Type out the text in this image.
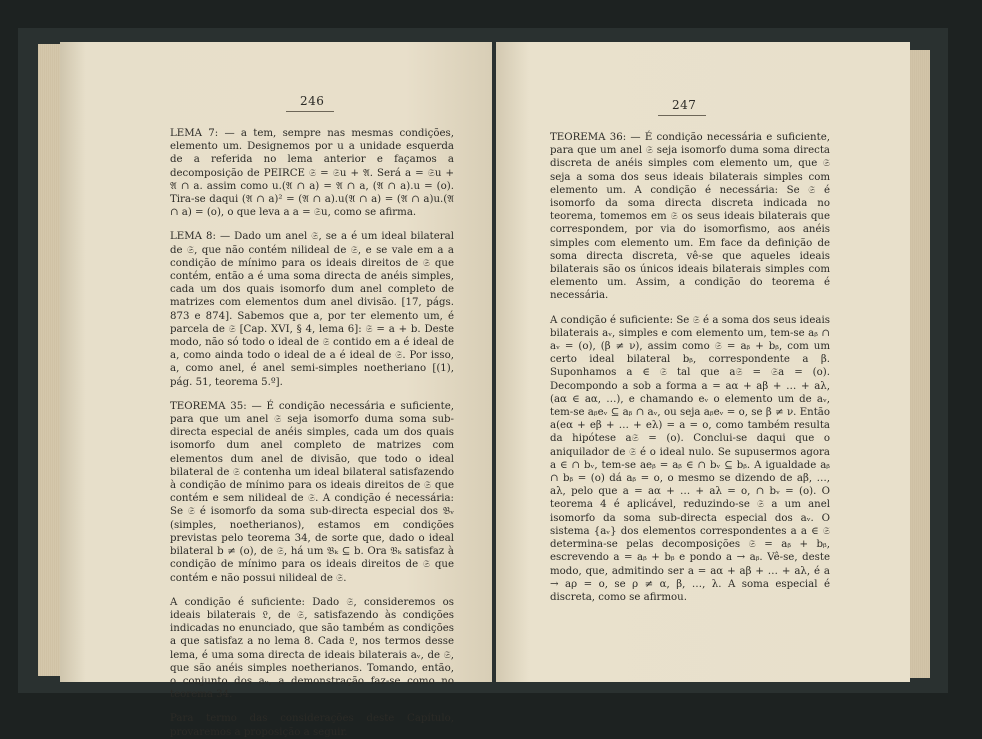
246

LEMA 7: — a tem, sempre nas mesmas condições, elemento um. Designemos por u a unidade esquerda de a referida no lema anterior e façamos a decomposição de PEIRCE 𝔖 = 𝔖u + 𝔄. Será a = 𝔖u + 𝔄 ∩ a. assim como u.(𝔄 ∩ a) = 𝔄 ∩ a, (𝔄 ∩ a).u = (o). Tira-se daqui (𝔄 ∩ a)² = (𝔄 ∩ a).u(𝔄 ∩ a) = (𝔄 ∩ a)u.(𝔄 ∩ a) = (o), o que leva a a = 𝔖u, como se afirma.

LEMA 8: — Dado um anel 𝔖, se a é um ideal bilateral de 𝔖, que não contém nilideal de 𝔖, e se vale em a a condição de mínimo para os ideais direitos de 𝔖 que contém, então a é uma soma directa de anéis simples, cada um dos quais isomorfo dum anel completo de matrizes com elementos dum anel divisão. [17, págs. 873 e 874]. Sabemos que a, por ter elemento um, é parcela de 𝔖 [Cap. XVI, § 4, lema 6]: 𝔖 = a + b. Deste modo, não só todo o ideal de 𝔖 contido em a é ideal de a, como ainda todo o ideal de a é ideal de 𝔖. Por isso, a, como anel, é anel semi-simples noetheriano [(1), pág. 51, teorema 5.º].

TEOREMA 35: — É condição necessária e suficiente, para que um anel 𝔖 seja isomorfo duma soma sub-directa especial de anéis simples, cada um dos quais isomorfo dum anel completo de matrizes com elementos dum anel de divisão, que todo o ideal bilateral de 𝔖 contenha um ideal bilateral satisfazendo à condição de mínimo para os ideais direitos de 𝔖 que contém e sem nilideal de 𝔖. A condição é necessária: Se 𝔖 é isomorfo da soma sub-directa especial dos 𝔅ᵥ (simples, noetherianos), estamos em condições previstas pelo teorema 34, de sorte que, dado o ideal bilateral b ≠ (o), de 𝔖, há um 𝔅ₖ ⊆ b. Ora 𝔅ₖ satisfaz à condição de mínimo para os ideais direitos de 𝔖 que contém e não possui nilideal de 𝔖.

A condição é suficiente: Dado 𝔖, consideremos os ideais bilaterais 𝔏, de 𝔖, satisfazendo às condições indicadas no enunciado, que são também as condições a que satisfaz a no lema 8. Cada 𝔏, nos termos desse lema, é uma soma directa de ideais bilaterais aᵥ, de 𝔖, que são anéis simples noetherianos. Tomando, então, o conjunto dos aᵥ, a demonstração faz-se como no teorema 34.

Para termo das considerações deste Capítulo, provaremos a proposição a seguir.

247

TEOREMA 36: — É condição necessária e suficiente, para que um anel 𝔖 seja isomorfo duma soma directa discreta de anéis simples com elemento um, que 𝔖 seja a soma dos seus ideais bilaterais simples com elemento um. A condição é necessária: Se 𝔖 é isomorfo da soma directa discreta indicada no teorema, tomemos em 𝔖 os seus ideais bilaterais que correspondem, por via do isomorfismo, aos anéis simples com elemento um. Em face da definição de soma directa discreta, vê-se que aqueles ideais bilaterais são os únicos ideais bilaterais simples com elemento um. Assim, a condição do teorema é necessária.

A condição é suficiente: Se 𝔖 é a soma dos seus ideais bilaterais aᵥ, simples e com elemento um, tem-se aᵦ ∩ aᵥ = (o), (β ≠ ν), assim como 𝔖 = aᵦ + bᵦ, com um certo ideal bilateral bᵦ, correspondente a β. Suponhamos a ∈ 𝔖 tal que a𝔖 = 𝔖a = (o). Decompondo a sob a forma a = aα + aβ + … + aλ, (aα ∈ aα, …), e chamando eᵥ o elemento um de aᵥ, tem-se aᵦeᵥ ⊆ aᵦ ∩ aᵥ, ou seja aᵦeᵥ = o, se β ≠ ν. Então a(eα + eβ + … + eλ) = a = o, como também resulta da hipótese a𝔖 = (o). Conclui-se daqui que o aniquilador de 𝔖 é o ideal nulo. Se supusermos agora a ∈ ∩ bᵥ, tem-se aeᵦ = aᵦ ∈ ∩ bᵥ ⊆ bᵦ. A igualdade aᵦ ∩ bᵦ = (o) dá aᵦ = o, o mesmo se dizendo de aβ, …, aλ, pelo que a = aα + … + aλ = o, ∩ bᵥ = (o). O teorema 4 é aplicável, reduzindo-se 𝔖 a um anel isomorfo da soma sub-directa especial dos aᵥ. O sistema {aᵥ} dos elementos correspondentes a a ∈ 𝔖 determina-se pelas decomposições 𝔖 = aᵦ + bᵦ, escrevendo a = aᵦ + bᵦ e pondo a → aᵦ. Vê-se, deste modo, que, admitindo ser a = aα + aβ + … + aλ, é a → aρ = o, se ρ ≠ α, β, …, λ. A soma especial é discreta, como se afirmou.
